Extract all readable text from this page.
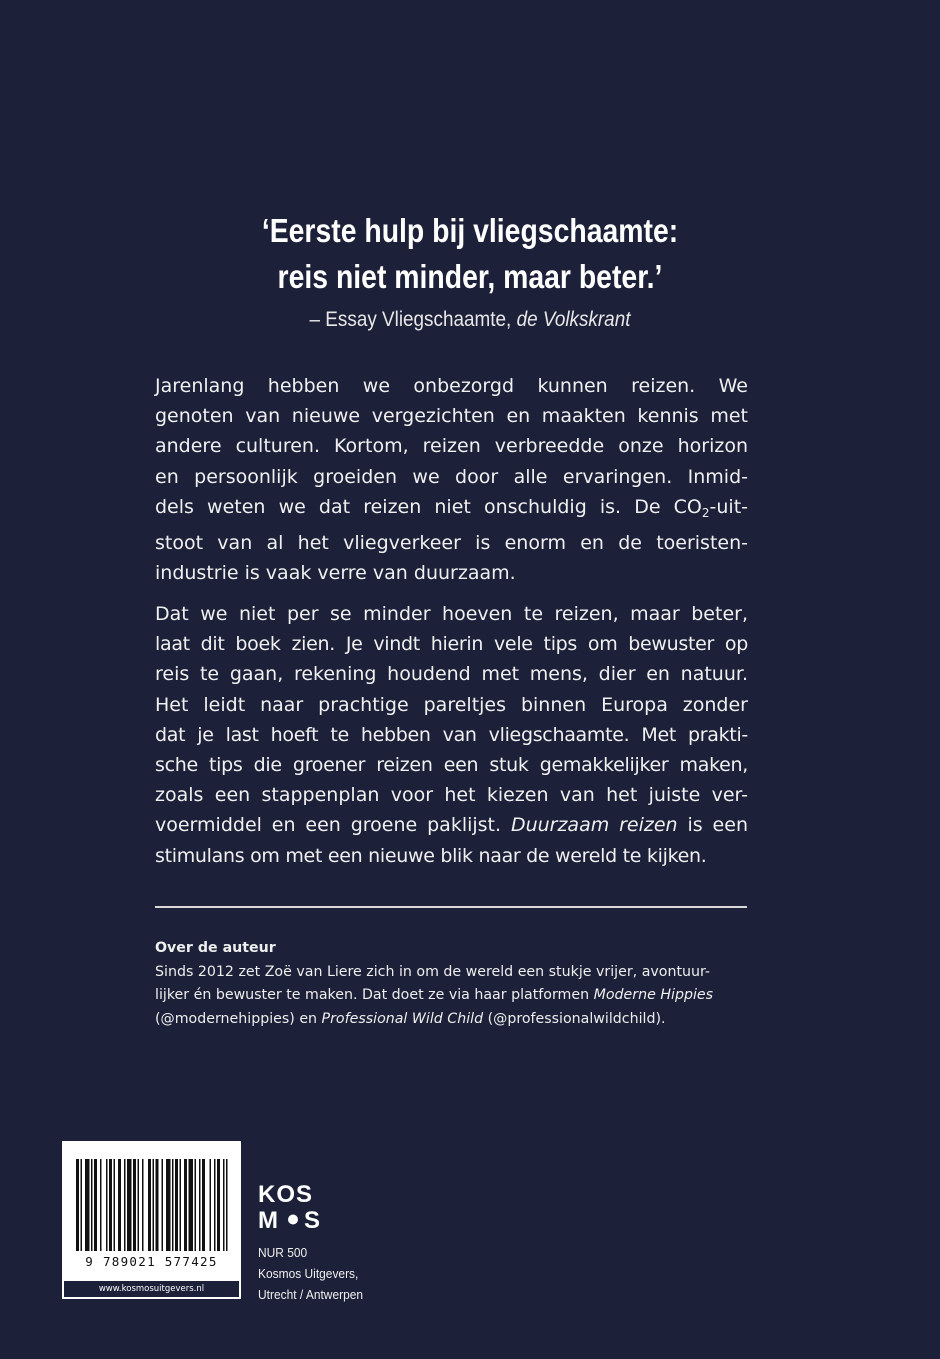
‘Eerste hulp bij vliegschaamte:
reis niet minder, maar beter.’
– Essay Vliegschaamte, de Volkskrant
Jarenlang hebben we onbezorgd kunnen reizen. We
genoten van nieuwe vergezichten en maakten kennis met
andere culturen. Kortom, reizen verbreedde onze horizon
en persoonlijk groeiden we door alle ervaringen. Inmid-
dels weten we dat reizen niet onschuldig is. De $CO_2-uit-$
stoot van al het vliegverkeer is enorm en de toeristen-
industrie is vaak verre van duurzaam.
Dat we niet per se minder hoeven te reizen, maar beter,
laat dit boek zien. Je vindt hierin vele tips om bewuster op
reis te gaan, rekening houdend met mens, dier en natuur.
Het leidt naar prachtige pareltjes binnen Europa zonder
dat je last hoeft te hebben van vliegschaamte. Met prakti-
sche tips die groener reizen een stuk gemakkelijker maken,
zoals een stappenplan voor het kiezen van het juiste ver-
voermiddel en een groene paklijst. Duurzaam reizen is een
stimulans om met een nieuwe blik naar de wereld te kijken.
Over de auteur
Sinds 2012 zet Zoë van Liere zich in om de wereld een stukje vrijer, avontuur-
lijker én bewuster te maken. Dat doet ze via haar platformen Moderne Hippies
(@modernehippies) en Professional Wild Child (@professionalwildchild).
9 789021 577425
www.kosmosuitgevers.nl
KOS
M S
NUR 500
Kosmos Uitgevers,
Utrecht / Antwerpen
